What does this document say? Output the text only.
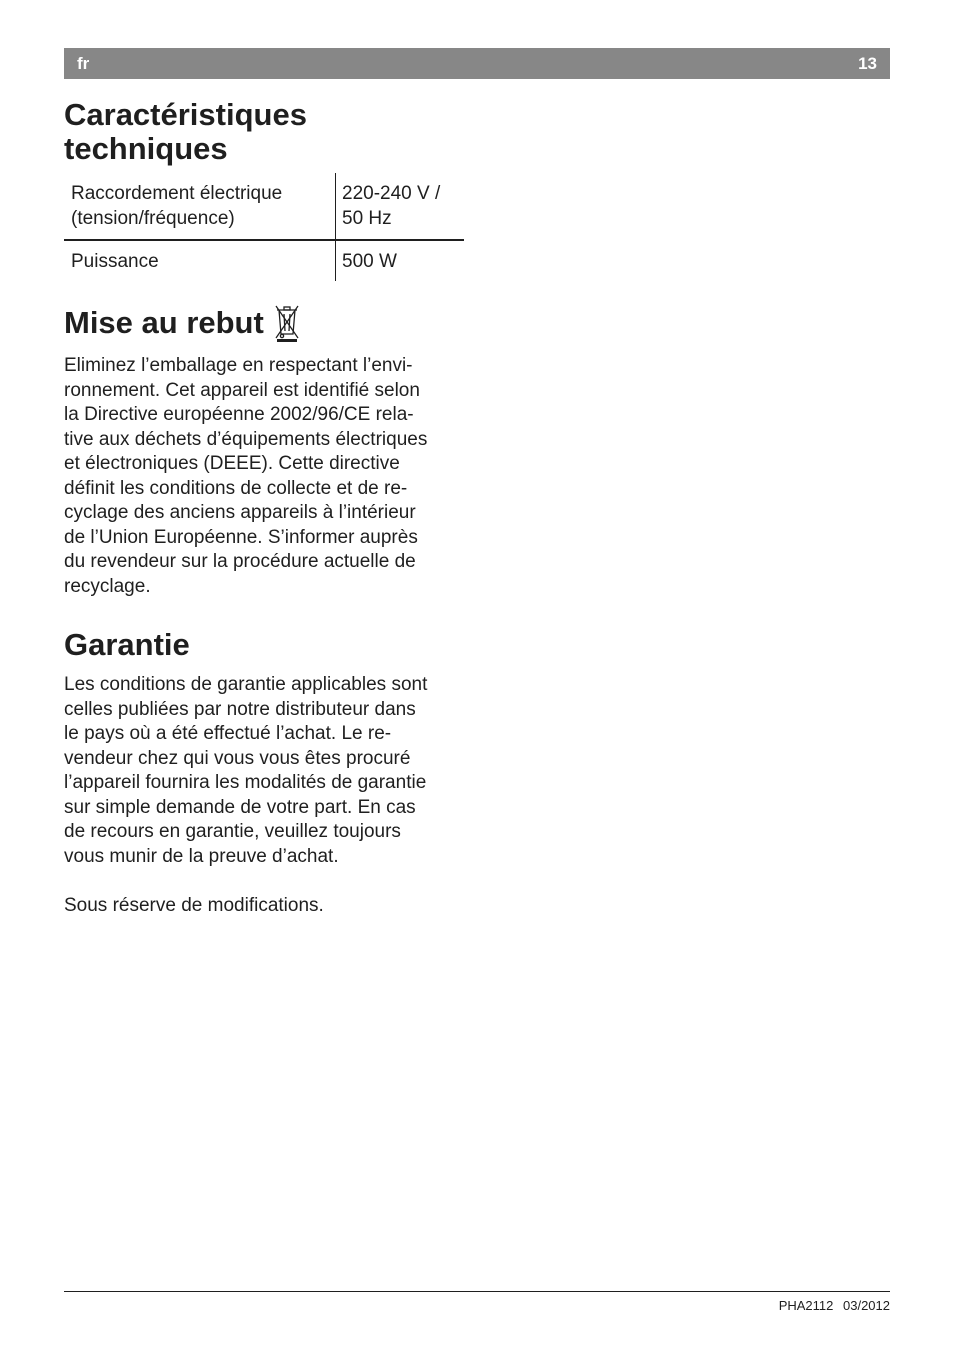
fr	13
Caractéristiques
techniques
Raccordement électrique
(tension/fréquence)	220-240 V /
50 Hz
Puissance	500 W
Mise au rebut

Eliminez l’emballage en respectant l’envi-
ronnement. Cet appareil est identifié selon
la Directive européenne 2002/96/CE rela-
tive aux déchets d’équipements électriques
et électroniques (DEEE). Cette directive
définit les conditions de collecte et de re-
cyclage des anciens appareils à l’intérieur
de l’Union Européenne. S’informer auprès
du revendeur sur la procédure actuelle de
recyclage.

Garantie

Les conditions de garantie applicables sont
celles publiées par notre distributeur dans
le pays où a été effectué l’achat. Le re-
vendeur chez qui vous vous êtes procuré
l’appareil fournira les modalités de garantie
sur simple demande de votre part. En cas
de recours en garantie, veuillez toujours
vous munir de la preuve d’achat.

Sous réserve de modifications.

PHA2112 03/2012
